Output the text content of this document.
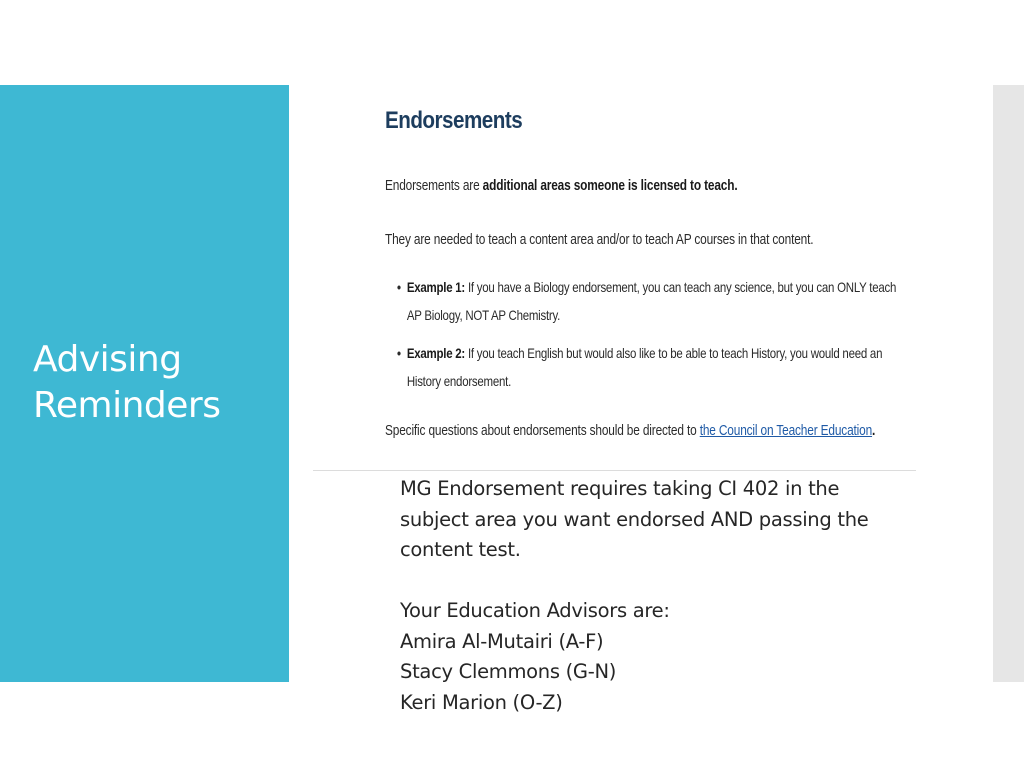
Advising
Reminders
Endorsements

Endorsements are additional areas someone is licensed to teach.

They are needed to teach a content area and/or to teach AP courses in that content.

• Example 1: If you have a Biology endorsement, you can teach any science, but you can ONLY teach AP Biology, NOT AP Chemistry.
• Example 2: If you teach English but would also like to be able to teach History, you would need an History endorsement.

Specific questions about endorsements should be directed to the Council on Teacher Education.

MG Endorsement requires taking CI 402 in the

subject area you want endorsed AND passing the

content test.

Your Education Advisors are:

Amira Al-Mutairi (A-F)

Stacy Clemmons (G-N)

Keri Marion (O-Z)
